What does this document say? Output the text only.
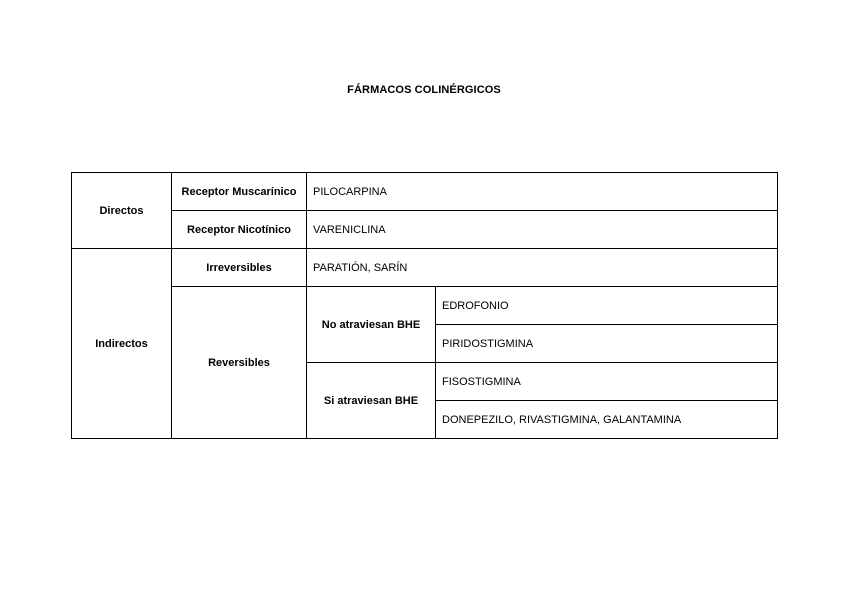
FÁRMACOS COLINÉRGICOS
Directos	Receptor Muscarínico	PILOCARPINA	
	Receptor Nicotínico	VARENICLINA	
Indirectos	Irreversibles	PARATIÓN, SARÍN	
	Reversibles	No atraviesan BHE	EDROFONIO
			PIRIDOSTIGMINA
		Si atraviesan BHE	FISOSTIGMINA
			DONEPEZILO, RIVASTIGMINA, GALANTAMINA
